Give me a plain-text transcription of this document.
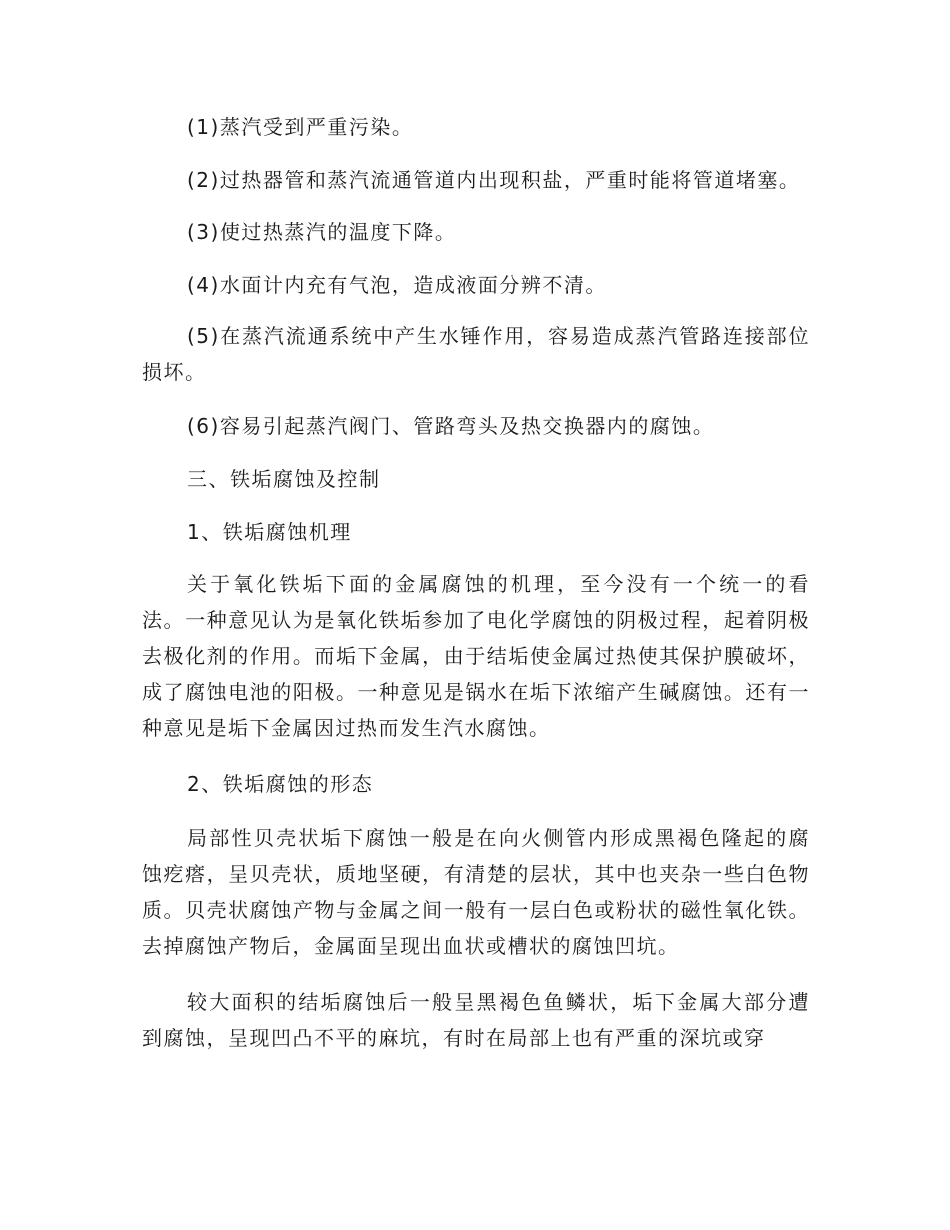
(1)蒸汽受到严重污染。

(2)过热器管和蒸汽流通管道内出现积盐，严重时能将管道堵塞。

(3)使过热蒸汽的温度下降。

(4)水面计内充有气泡，造成液面分辨不清。

(5)在蒸汽流通系统中产生水锤作用，容易造成蒸汽管路连接部位损坏。

(6)容易引起蒸汽阀门、管路弯头及热交换器内的腐蚀。

三、铁垢腐蚀及控制

1、铁垢腐蚀机理

关于氧化铁垢下面的金属腐蚀的机理，至今没有一个统一的看法。一种意见认为是氧化铁垢参加了电化学腐蚀的阴极过程，起着阴极去极化剂的作用。而垢下金属，由于结垢使金属过热使其保护膜破坏，成了腐蚀电池的阳极。一种意见是锅水在垢下浓缩产生碱腐蚀。还有一种意见是垢下金属因过热而发生汽水腐蚀。

2、铁垢腐蚀的形态

局部性贝壳状垢下腐蚀一般是在向火侧管内形成黑褐色隆起的腐蚀疙瘩，呈贝壳状，质地坚硬，有清楚的层状，其中也夹杂一些白色物质。贝壳状腐蚀产物与金属之间一般有一层白色或粉状的磁性氧化铁。去掉腐蚀产物后，金属面呈现出血状或槽状的腐蚀凹坑。

较大面积的结垢腐蚀后一般呈黑褐色鱼鳞状，垢下金属大部分遭到腐蚀，呈现凹凸不平的麻坑，有时在局部上也有严重的深坑或穿
